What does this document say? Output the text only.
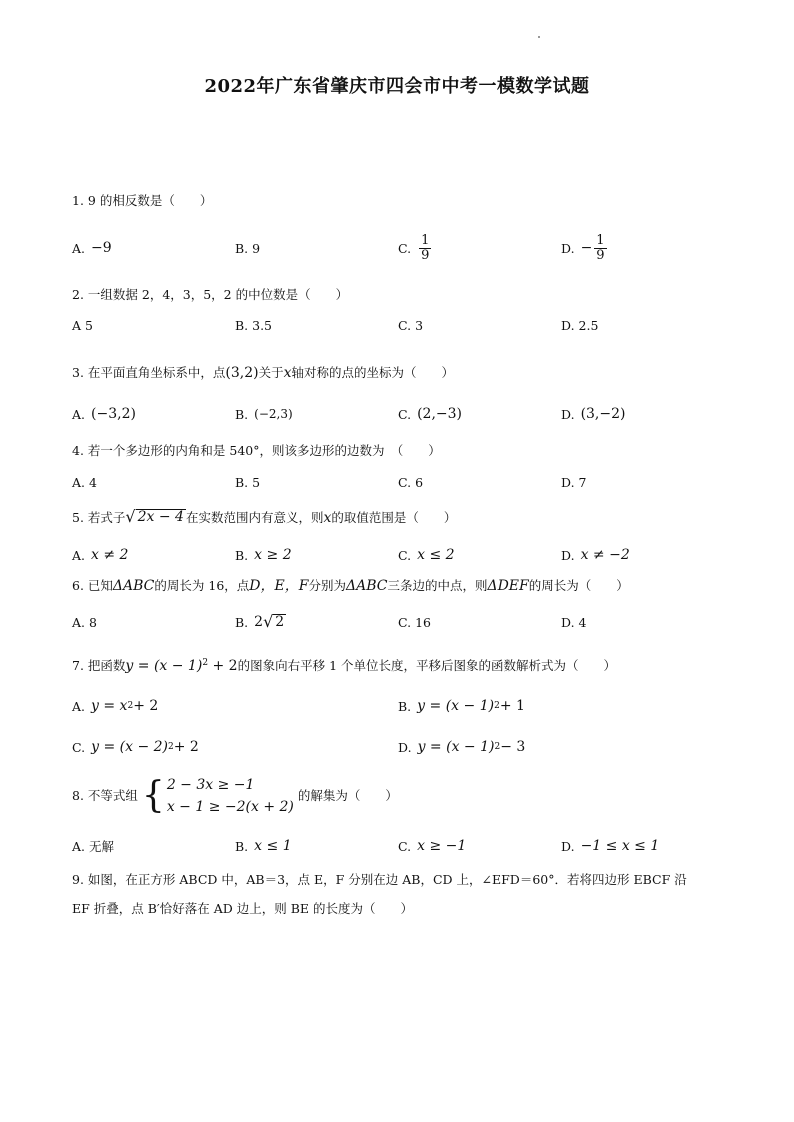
2022年广东省肇庆市四会市中考一模数学试题
1. 9 的相反数是（　　）
A. −9	B. 9	C. $\frac{1}{9}$	D. − $\frac{1}{9}$
2. 一组数据 2，4，3，5，2 的中位数是（　　）
A 5	B. 3.5	C. 3	D. 2.5
3. 在平面直角坐标系中，点(3,2)关于x轴对称的点的坐标为（　　）
A. (−3,2)	B. (−2,3)	C. (2,−3)	D. (3,−2)
4. 若一个多边形的内角和是 540°，则该多边形的边数为　（　　）
A. 4	B. 5	C. 6	D. 7
5. 若式子 √ 2x − 4 在实数范围内有意义，则x的取值范围是（　　）
A. x ≠ 2	B. x ≥ 2	C. x ≤ 2	D. x ≠ −2
6. 已知ΔABC的周长为 16，点D，E，F分别为ΔABC三条边的中点，则ΔDEF的周长为（　　）
A. 8	B. 2 √ 2	C. 16	D. 4
7. 把函数$y = (x - 1)^2 + 2$的图象向右平移 1 个单位长度，平移后图象的函数解析式为（　　）
A. y = x 2 + 2	B. y = (x − 1) 2 + 1
C. y = (x − 2) 2 + 2	D. y = (x − 1) 2 − 3
8. 不等式组 { 2 − 3x ≥ −1
x − 1 ≥ −2(x + 2)
的解集为（　　）
A. 无解	B. x ≤ 1	C. x ≥ −1	D. −1 ≤ x ≤ 1
9. 如图，在正方形 ABCD 中，AB＝3，点 E，F 分别在边 AB，CD 上，∠EFD＝60°．若将四边形 EBCF 沿
EF 折叠，点 B′恰好落在 AD 边上，则 BE 的长度为（　　）
